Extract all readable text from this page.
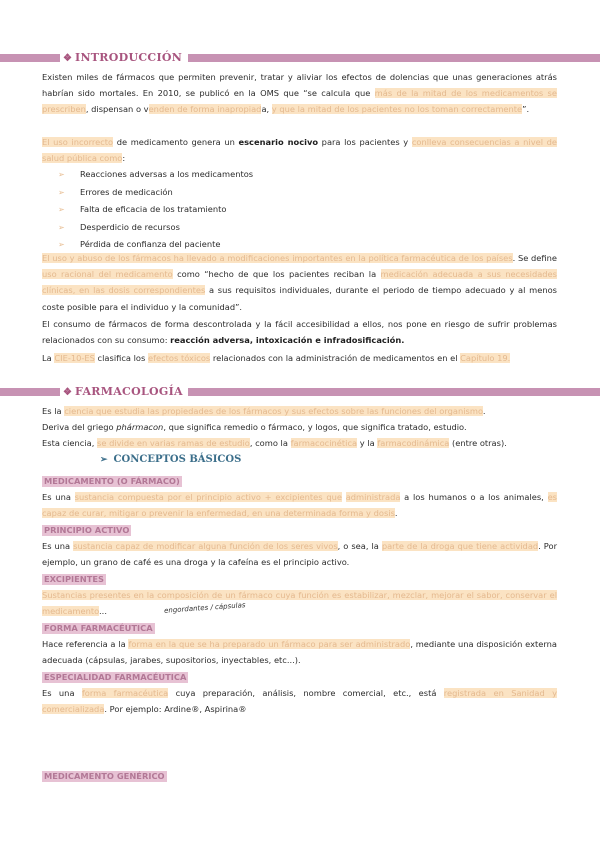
❖ INTRODUCCIÓN
Existen miles de fármacos que permiten prevenir, tratar y aliviar los efectos de dolencias que unas generaciones atrás habrían sido mortales. En 2010, se publicó en la OMS que “se calcula que más de la mitad de los medicamentos se prescriben, dispensan o venden de forma inapropiada, y que la mitad de los pacientes no los toman correctamente”.
El uso incorrecto de medicamento genera un escenario nocivo para los pacientes y conlleva consecuencias a nivel de salud pública como:
➢ Reacciones adversas a los medicamentos
➢ Errores de medicación
➢ Falta de eficacia de los tratamiento
➢ Desperdicio de recursos
➢ Pérdida de confianza del paciente
El uso y abuso de los fármacos ha llevado a modificaciones importantes en la política farmacéutica de los países. Se define uso racional del medicamento como “hecho de que los pacientes reciban la medicación adecuada a sus necesidades clínicas, en las dosis correspondientes a sus requisitos individuales, durante el periodo de tiempo adecuado y al menos coste posible para el individuo y la comunidad”.
El consumo de fármacos de forma descontrolada y la fácil accesibilidad a ellos, nos pone en riesgo de sufrir problemas relacionados con su consumo: reacción adversa, intoxicación e infradosificación.
La CIE-10-ES clasifica los efectos tóxicos relacionados con la administración de medicamentos en el Capítulo 19.
❖ FARMACOLOGÍA
Es la ciencia que estudia las propiedades de los fármacos y sus efectos sobre las funciones del organismo.
Deriva del griego phármacon, que significa remedio o fármaco, y logos, que significa tratado, estudio.
Esta ciencia, se divide en varias ramas de estudio, como la farmacocinética y la farmacodinámica (entre otras).
➢ CONCEPTOS BÁSICOS
MEDICAMENTO (O FÁRMACO)
Es una sustancia compuesta por el principio activo + excipientes que administrada a los humanos o a los animales, es capaz de curar, mitigar o prevenir la enfermedad, en una determinada forma y dosis.
PRINCIPIO ACTIVO
Es una sustancia capaz de modificar alguna función de los seres vivos, o sea, la parte de la droga que tiene actividad. Por ejemplo, un grano de café es una droga y la cafeína es el principio activo.
EXCIPIENTES
Sustancias presentes en la composición de un fármaco cuya función es estabilizar, mezclar, mejorar el sabor, conservar el medicamento...	engordantes / cápsulas
FORMA FARMACÉUTICA
Hace referencia a la forma en la que se ha preparado un fármaco para ser administrado, mediante una disposición externa adecuada (cápsulas, jarabes, supositorios, inyectables, etc...).
ESPECIALIDAD FARMACÉUTICA
Es una forma farmacéutica cuya preparación, análisis, nombre comercial, etc., está registrada en Sanidad y comercializada. Por ejemplo: Ardine®, Aspirina®
MEDICAMENTO GENÉRICO
